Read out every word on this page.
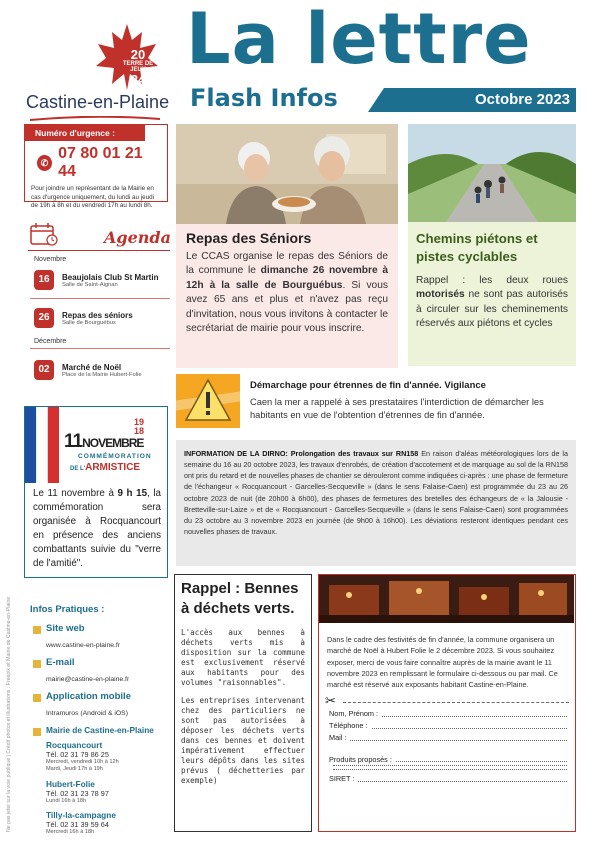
20
TERRE DE JEUX
24
Castine-en-Plaine
La lettre
Flash Infos	Octobre 2023
Numéro d'urgence :
✆
07 80 01 21 44
Pour joindre un représentant de la Mairie en cas d'urgence uniquement, du lundi au jeudi de 19h à 8h et du vendredi 17h au lundi 8h.
Agenda
Novembre
16	Beaujolais Club St Martin
Salle de Saint-Aignan
26	Repas des séniors
Salle de Bourguébus
Décembre
02	Marché de Noël
Place de la Mairie Hubert-Folie
Repas des Séniors

Le CCAS organise le repas des Séniors de la commune le dimanche 26 novembre à 12h à la salle de Bourguébus. Si vous avez 65 ans et plus et n'avez pas reçu d'invitation, nous vous invitons à contacter le secrétariat de mairie pour vous inscrire.

Chemins piétons et pistes cyclables

Rappel : les deux roues motorisés ne sont pas autorisés à circuler sur les cheminements réservés aux piétons et cycles

Démarchage pour étrennes de fin d'année. Vigilance

Caen la mer a rappelé à ses prestataires l'interdiction de démarcher les habitants en vue de l'obtention d'étrennes de fin d'année.

Le 11 novembre à 9 h 15, la commémoration sera organisée à Rocquancourt en présence des anciens combattants suivie du "verre de l'amitié".
11NOVEMBRE
COMMÉMORATION
DE L'ARMISTICE
19
18
INFORMATION DE LA DIRNO: Prolongation des travaux sur RN158 En raison d'aléas météorologiques lors de la semaine du 16 au 20 octobre 2023, les travaux d'enrobés, de création d'accotement et de marquage au sol de la RN158 ont pris du retard et de nouvelles phases de chantier se dérouleront comme indiquées ci-après : une phase de fermeture de l'échangeur « Rocquancourt - Garcelles-Secqueville » (dans le sens Falaise-Caen) est programmée du 23 au 26 octobre 2023 de nuit (de 20h00 à 6h00), des phases de fermetures des bretelles des échangeurs de « la Jalousie - Bretteville-sur-Laize » et de « Rocquancourt - Garcelles-Secqueville » (dans le sens Falaise-Caen) sont programmées du 23 octobre au 3 novembre 2023 en journée (de 9h00 à 16h00). Les déviations resteront identiques pendant ces nouvelles phases de travaux.
Infos Pratiques :
Site web
www.castine-en-plaine.fr
E-mail
mairie@castine-en-plaine.fr
Application mobile
Intramuros (Android & iOS)
Mairie de Castine-en-Plaine
Rocquancourt
Tél. 02 31 79 86 25
Mercredi, vendredi 10h à 12h
Mardi, Jeudi 17h à 19h
Hubert-Folie
Tél. 02 31 23 78 97
Lundi 16h à 18h
Tilly-la-campagne
Tél. 02 31 39 59 64
Mercredi 16h à 18h
Rappel : Bennes à déchets verts.

L'accès aux bennes à déchets verts mis à disposition sur la commune est exclusivement réservé aux habitants pour des volumes "raisonnables".

Les entreprises intervenant chez des particuliers ne sont pas autorisées à déposer les déchets verts dans ces bennes et doivent impérativement effectuer leurs dépôts dans les sites prévus ( déchetteries par exemple)

Dans le cadre des festivités de fin d'année, la commune organisera un marché de Noël à Hubert Folie le 2 décembre 2023. Si vous souhaitez exposer, merci de vous faire connaître auprès de la mairie avant le 11 novembre 2023 en remplissant le formulaire ci-dessous ou par mail. Ce marché est réservé aux exposants habitant Castine-en-Plaine.
✂
Nom, Prénom :
Téléphone :
Mail :
Produits proposés :
SIRET :
Ne pas jeter sur la voie publique | Crédit photos et illustrations : Freepik et Mairie de Castine-en-Plaine
